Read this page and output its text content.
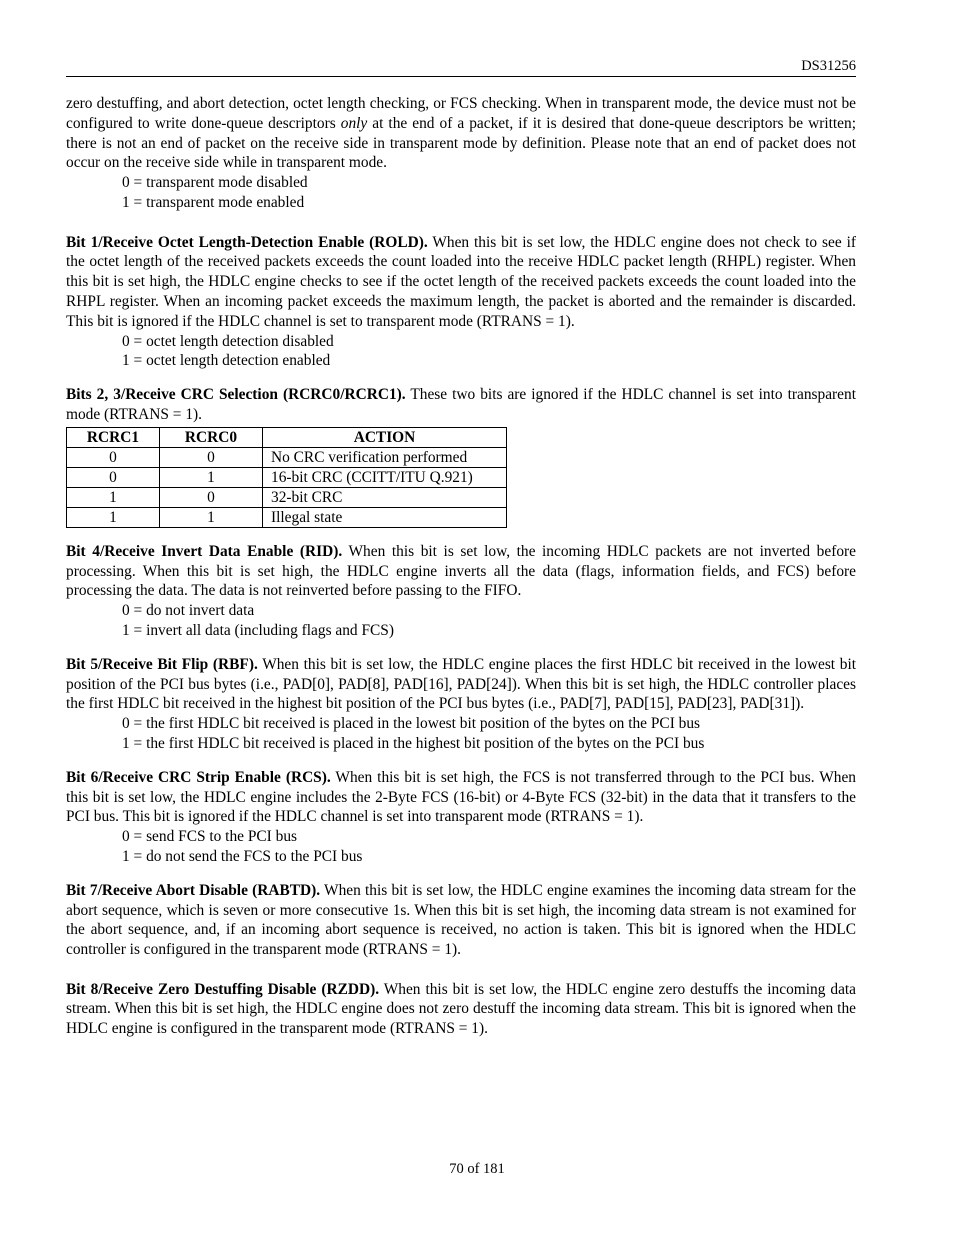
DS31256

zero destuffing, and abort detection, octet length checking, or FCS checking. When in transparent mode, the device must not be configured to write done-queue descriptors only at the end of a packet, if it is desired that done-queue descriptors be written; there is not an end of packet on the receive side in transparent mode by definition. Please note that an end of packet does not occur on the receive side while in transparent mode.

0 = transparent mode disabled
1 = transparent mode enabled

Bit 1/Receive Octet Length-Detection Enable (ROLD). When this bit is set low, the HDLC engine does not check to see if the octet length of the received packets exceeds the count loaded into the receive HDLC packet length (RHPL) register. When this bit is set high, the HDLC engine checks to see if the octet length of the received packets exceeds the count loaded into the RHPL register. When an incoming packet exceeds the maximum length, the packet is aborted and the remainder is discarded. This bit is ignored if the HDLC channel is set to transparent mode (RTRANS = 1).

0 = octet length detection disabled
1 = octet length detection enabled

Bits 2, 3/Receive CRC Selection (RCRC0/RCRC1). These two bits are ignored if the HDLC channel is set into transparent mode (RTRANS = 1).

RCRC1	RCRC0	ACTION
0	0	No CRC verification performed
0	1	16-bit CRC (CCITT/ITU Q.921)
1	0	32-bit CRC
1	1	Illegal state

Bit 4/Receive Invert Data Enable (RID). When this bit is set low, the incoming HDLC packets are not inverted before processing. When this bit is set high, the HDLC engine inverts all the data (flags, information fields, and FCS) before processing the data. The data is not reinverted before passing to the FIFO.

0 = do not invert data
1 = invert all data (including flags and FCS)

Bit 5/Receive Bit Flip (RBF). When this bit is set low, the HDLC engine places the first HDLC bit received in the lowest bit position of the PCI bus bytes (i.e., PAD[0], PAD[8], PAD[16], PAD[24]). When this bit is set high, the HDLC controller places the first HDLC bit received in the highest bit position of the PCI bus bytes (i.e., PAD[7], PAD[15], PAD[23], PAD[31]).

0 = the first HDLC bit received is placed in the lowest bit position of the bytes on the PCI bus
1 = the first HDLC bit received is placed in the highest bit position of the bytes on the PCI bus

Bit 6/Receive CRC Strip Enable (RCS). When this bit is set high, the FCS is not transferred through to the PCI bus. When this bit is set low, the HDLC engine includes the 2-Byte FCS (16-bit) or 4-Byte FCS (32-bit) in the data that it transfers to the PCI bus. This bit is ignored if the HDLC channel is set into transparent mode (RTRANS = 1).

0 = send FCS to the PCI bus
1 = do not send the FCS to the PCI bus

Bit 7/Receive Abort Disable (RABTD). When this bit is set low, the HDLC engine examines the incoming data stream for the abort sequence, which is seven or more consecutive 1s. When this bit is set high, the incoming data stream is not examined for the abort sequence, and, if an incoming abort sequence is received, no action is taken. This bit is ignored when the HDLC controller is configured in the transparent mode (RTRANS = 1).

Bit 8/Receive Zero Destuffing Disable (RZDD). When this bit is set low, the HDLC engine zero destuffs the incoming data stream. When this bit is set high, the HDLC engine does not zero destuff the incoming data stream. This bit is ignored when the HDLC engine is configured in the transparent mode (RTRANS = 1).

70 of 181
